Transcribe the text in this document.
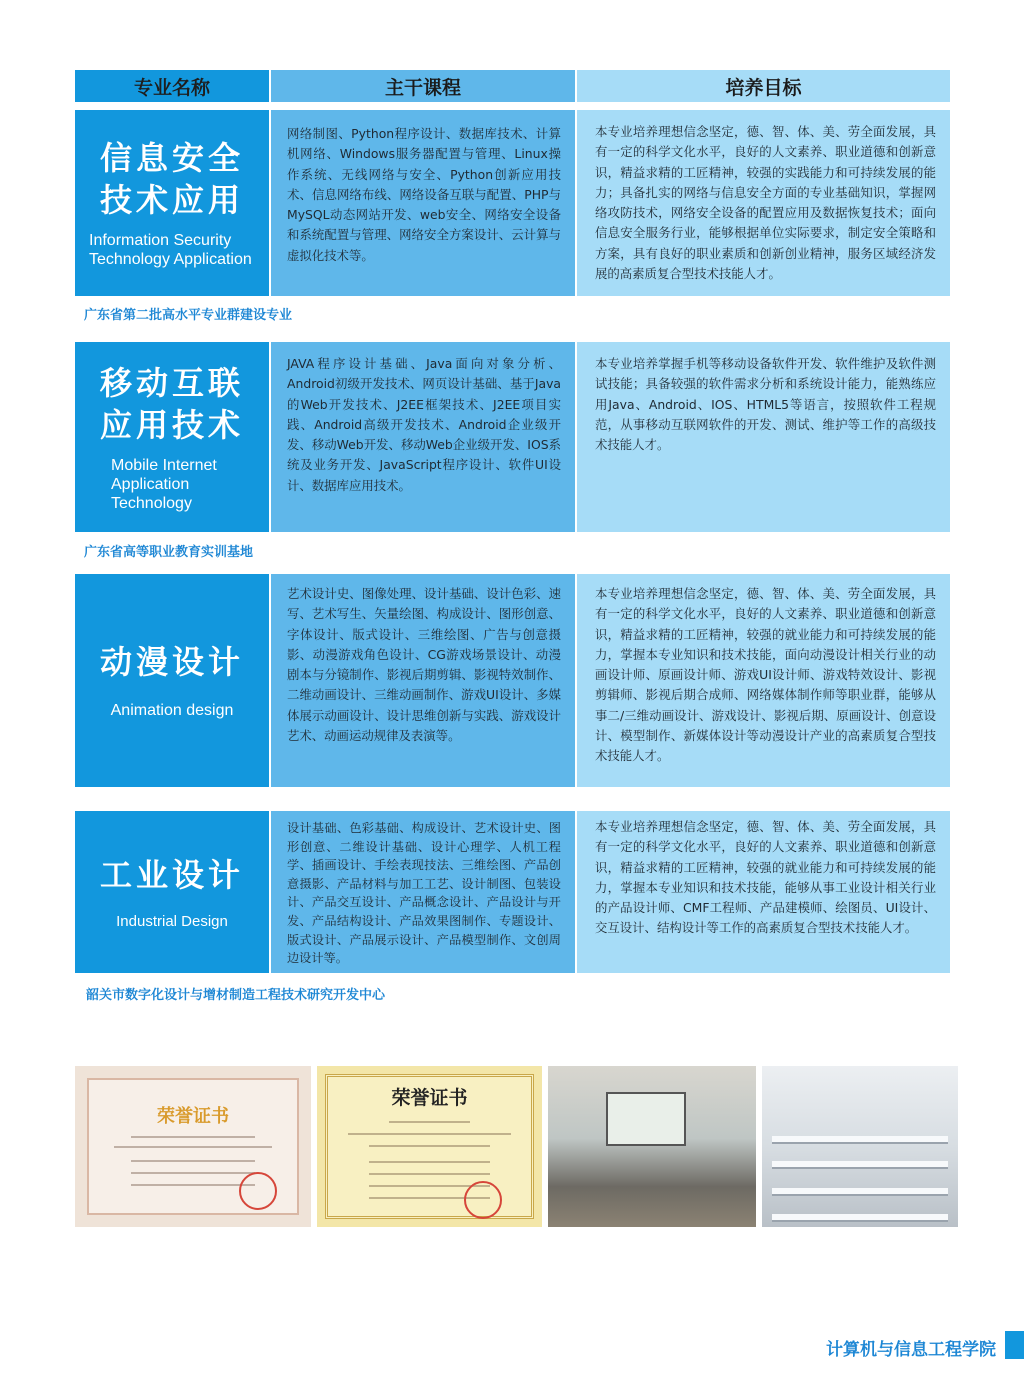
专业名称	主干课程	培养目标
信息安全
技术应用
Information Security
Technology Application
网络制图、Python程序设计、数据库技术、计算机网络、Windows服务器配置与管理、Linux操作系统、无线网络与安全、Python创新应用技术、信息网络布线、网络设备互联与配置、PHP与MySQL动态网站开发、web安全、网络安全设备和系统配置与管理、网络安全方案设计、云计算与虚拟化技术等。
本专业培养理想信念坚定，德、智、体、美、劳全面发展，具有一定的科学文化水平，良好的人文素养、职业道德和创新意识，精益求精的工匠精神，较强的实践能力和可持续发展的能力；具备扎实的网络与信息安全方面的专业基础知识，掌握网络攻防技术，网络安全设备的配置应用及数据恢复技术；面向信息安全服务行业，能够根据单位实际要求，制定安全策略和方案，具有良好的职业素质和创新创业精神，服务区域经济发展的高素质复合型技术技能人才。
广东省第二批高水平专业群建设专业
移动互联
应用技术
Mobile Internet
Application
Technology
JAVA程序设计基础、Java面向对象分析、Android初级开发技术、网页设计基础、基于Java的Web开发技术、J2EE框架技术、J2EE项目实践、Android高级开发技术、Android企业级开发、移动Web开发、移动Web企业级开发、IOS系统及业务开发、JavaScript程序设计、软件UI设计、数据库应用技术。
本专业培养掌握手机等移动设备软件开发、软件维护及软件测试技能；具备较强的软件需求分析和系统设计能力，能熟练应用Java、Android、IOS、HTML5等语言，按照软件工程规范，从事移动互联网软件的开发、测试、维护等工作的高级技术技能人才。
广东省高等职业教育实训基地
动漫设计
Animation design
艺术设计史、图像处理、设计基础、设计色彩、速写、艺术写生、矢量绘图、构成设计、图形创意、字体设计、版式设计、三维绘图、广告与创意摄影、动漫游戏角色设计、CG游戏场景设计、动漫剧本与分镜制作、影视后期剪辑、影视特效制作、二维动画设计、三维动画制作、游戏UI设计、多媒体展示动画设计、设计思维创新与实践、游戏设计艺术、动画运动规律及表演等。
本专业培养理想信念坚定，德、智、体、美、劳全面发展，具有一定的科学文化水平，良好的人文素养、职业道德和创新意识，精益求精的工匠精神，较强的就业能力和可持续发展的能力，掌握本专业知识和技术技能，面向动漫设计相关行业的动画设计师、原画设计师、游戏UI设计师、游戏特效设计、影视剪辑师、影视后期合成师、网络媒体制作师等职业群，能够从事二/三维动画设计、游戏设计、影视后期、原画设计、创意设计、模型制作、新媒体设计等动漫设计产业的高素质复合型技术技能人才。
工业设计
Industrial Design
设计基础、色彩基础、构成设计、艺术设计史、图形创意、二维设计基础、设计心理学、人机工程学、插画设计、手绘表现技法、三维绘图、产品创意摄影、产品材料与加工工艺、设计制图、包装设计、产品交互设计、产品概念设计、产品设计与开发、产品结构设计、产品效果图制作、专题设计、版式设计、产品展示设计、产品模型制作、文创周边设计等。
本专业培养理想信念坚定，德、智、体、美、劳全面发展，具有一定的科学文化水平，良好的人文素养、职业道德和创新意识，精益求精的工匠精神，较强的就业能力和可持续发展的能力，掌握本专业知识和技术技能，能够从事工业设计相关行业的产品设计师、CMF工程师、产品建模师、绘图员、UI设计、交互设计、结构设计等工作的高素质复合型技术技能人才。
韶关市数字化设计与增材制造工程技术研究开发中心
荣誉证书
荣誉证书
计算机与信息工程学院
